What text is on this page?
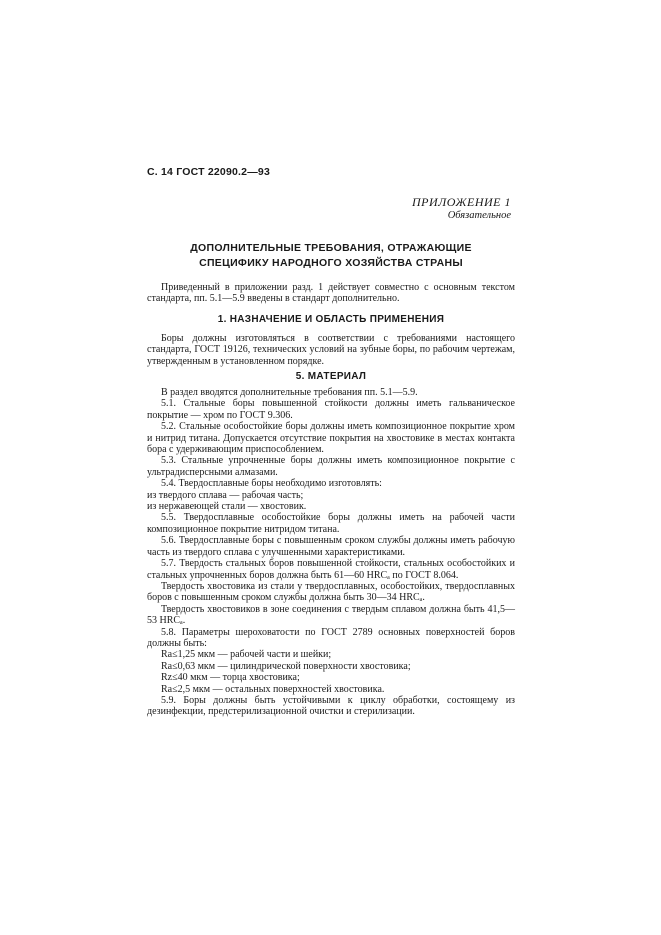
С. 14 ГОСТ 22090.2—93
ПРИЛОЖЕНИЕ 1
Обязательное
ДОПОЛНИТЕЛЬНЫЕ ТРЕБОВАНИЯ, ОТРАЖАЮЩИЕ
СПЕЦИФИКУ НАРОДНОГО ХОЗЯЙСТВА СТРАНЫ

Приведенный в приложении разд. 1 действует совместно с основным текстом стандарта, пп. 5.1—5.9 введены в стандарт дополнительно.

1. НАЗНАЧЕНИЕ И ОБЛАСТЬ ПРИМЕНЕНИЯ

Боры должны изготовляться в соответствии с требованиями настоящего стандарта, ГОСТ 19126, технических условий на зубные боры, по рабочим чертежам, утвержденным в установленном порядке.

5. МАТЕРИАЛ

В раздел вводятся дополнительные требования пп. 5.1—5.9.

5.1. Стальные боры повышенной стойкости должны иметь гальваническое покрытие — хром по ГОСТ 9.306.

5.2. Стальные особостойкие боры должны иметь композиционное покрытие хром и нитрид титана. Допускается отсутствие покрытия на хвостовике в местах контакта бора с удерживающим приспособлением.

5.3. Стальные упрочненные боры должны иметь композиционное покрытие с ультрадисперсными алмазами.

5.4. Твердосплавные боры необходимо изготовлять:

из твердого сплава — рабочая часть;

из нержавеющей стали — хвостовик.

5.5. Твердосплавные особостойкие боры должны иметь на рабочей части композиционное покрытие нитридом титана.

5.6. Твердосплавные боры с повышенным сроком службы должны иметь рабочую часть из твердого сплава с улучшенными характеристиками.

5.7. Твердость стальных боров повышенной стойкости, стальных особостойких и стальных упрочненных боров должна быть 61—60 HRCₐ по ГОСТ 8.064.

Твердость хвостовика из стали у твердосплавных, особостойких, твердосплавных боров с повышенным сроком службы должна быть 30—34 HRCₐ.

Твердость хвостовиков в зоне соединения с твердым сплавом должна быть 41,5—53 HRCₐ.

5.8. Параметры шероховатости по ГОСТ 2789 основных поверхностей боров должны быть:

Ra≤1,25 мкм — рабочей части и шейки;

Ra≤0,63 мкм — цилиндрической поверхности хвостовика;

Rz≤40 мкм — торца хвостовика;

Ra≤2,5 мкм — остальных поверхностей хвостовика.

5.9. Боры должны быть устойчивыми к циклу обработки, состоящему из дезинфекции, предстерилизационной очистки и стерилизации.
